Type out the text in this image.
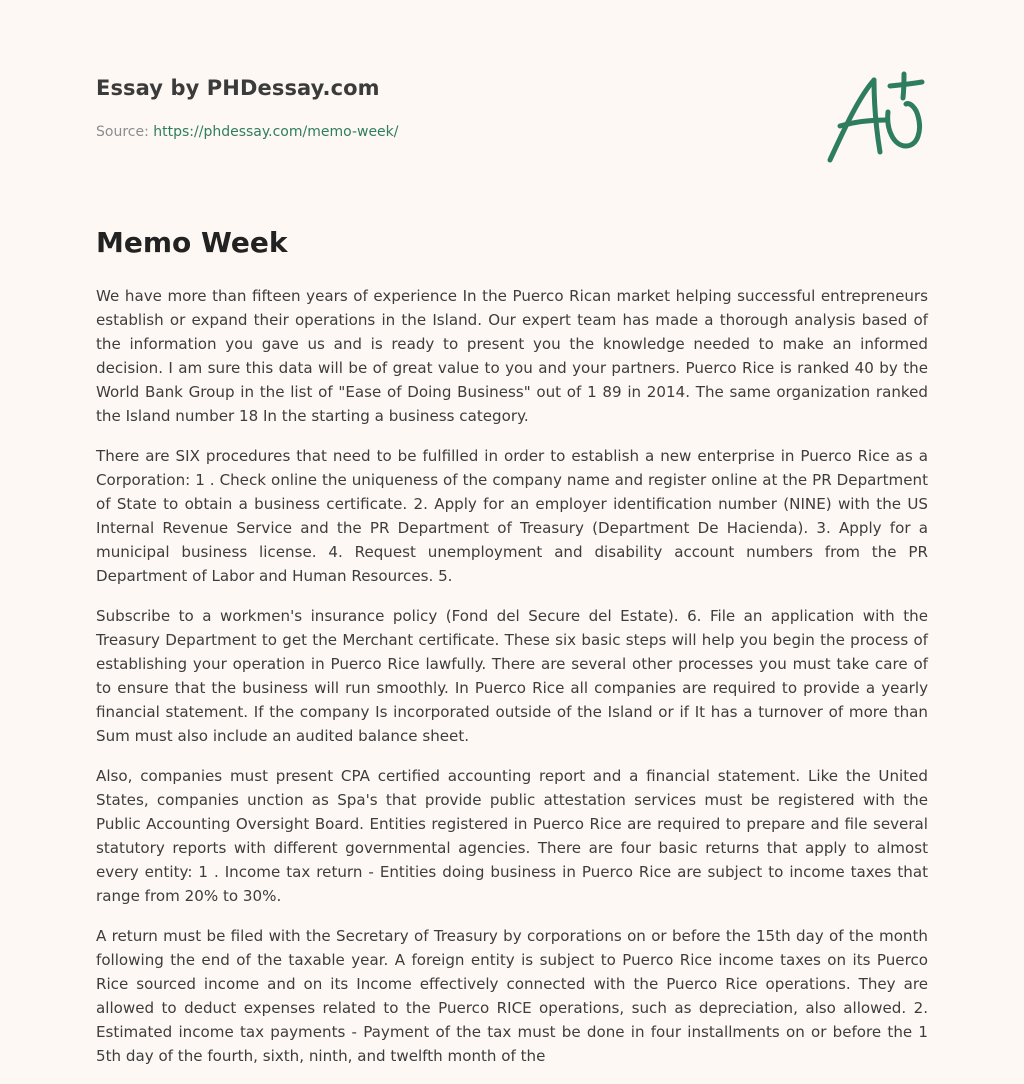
Essay by PHDessay.com
Source: https://phdessay.com/memo-week/
Memo Week

We have more than fifteen years of experience In the Puerco Rican market helping successful entrepreneurs establish or expand their operations in the Island. Our expert team has made a thorough analysis based of the information you gave us and is ready to present you the knowledge needed to make an informed decision. I am sure this data will be of great value to you and your partners. Puerco Rice is ranked 40 by the World Bank Group in the list of "Ease of Doing Business" out of 1 89 in 2014. The same organization ranked the Island number 18 In the starting a business category.

There are SIX procedures that need to be fulfilled in order to establish a new enterprise in Puerco Rice as a Corporation: 1 . Check online the uniqueness of the company name and register online at the PR Department of State to obtain a business certificate. 2. Apply for an employer identification number (NINE) with the US Internal Revenue Service and the PR Department of Treasury (Department De Hacienda). 3. Apply for a municipal business license. 4. Request unemployment and disability account numbers from the PR Department of Labor and Human Resources. 5.

Subscribe to a workmen's insurance policy (Fond del Secure del Estate). 6. File an application with the Treasury Department to get the Merchant certificate. These six basic steps will help you begin the process of establishing your operation in Puerco Rice lawfully. There are several other processes you must take care of to ensure that the business will run smoothly. In Puerco Rice all companies are required to provide a yearly financial statement. If the company Is incorporated outside of the Island or if It has a turnover of more than Sum must also include an audited balance sheet.

Also, companies must present CPA certified accounting report and a financial statement. Like the United States, companies unction as Spa's that provide public attestation services must be registered with the Public Accounting Oversight Board. Entities registered in Puerco Rice are required to prepare and file several statutory reports with different governmental agencies. There are four basic returns that apply to almost every entity: 1 . Income tax return - Entities doing business in Puerco Rice are subject to income taxes that range from 20% to 30%.

A return must be filed with the Secretary of Treasury by corporations on or before the 15th day of the month following the end of the taxable year. A foreign entity is subject to Puerco Rice income taxes on its Puerco Rice sourced income and on its Income effectively connected with the Puerco Rice operations. They are allowed to deduct expenses related to the Puerco RICE operations, such as depreciation, also allowed. 2. Estimated income tax payments - Payment of the tax must be done in four installments on or before the 1 5th day of the fourth, sixth, ninth, and twelfth month of the
